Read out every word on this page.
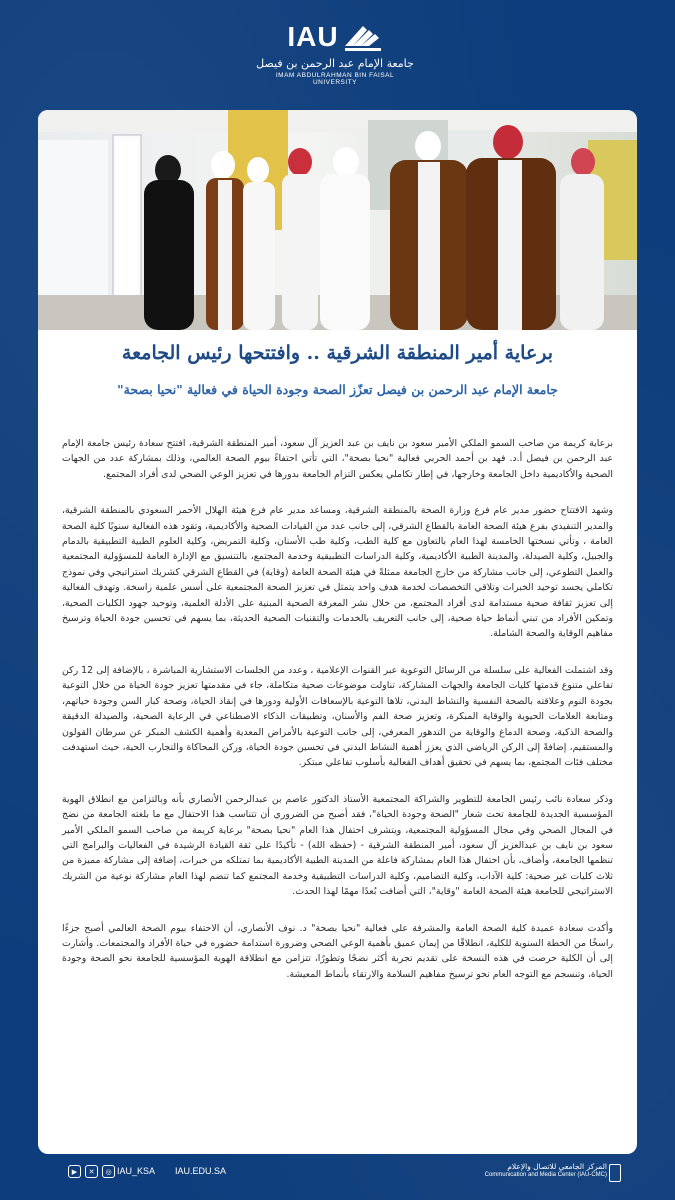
IAU
جامعة الإمام عبد الرحمن بن فيصل
IMAM ABDULRAHMAN BIN FAISAL UNIVERSITY
برعاية أمير المنطقة الشرقية .. وافتتحها رئيس الجامعة
جامعة الإمام عبد الرحمن بن فيصل تعزّز الصحة وجودة الحياة في فعالية "نحيا بصحة"

برعاية كريمة من صاحب السمو الملكي الأمير سعود بن نايف بن عبد العزيز آل سعود، أمير المنطقة الشرقية، افتتح سعادة رئيس جامعة الإمام عبد الرحمن بن فيصل أ.د. فهد بن أحمد الحربي فعالية "نحيا بصحة"، التي تأتي احتفاءً بيوم الصحة العالمي، وذلك بمشاركة عدد من الجهات الصحية والأكاديمية داخل الجامعة وخارجها، في إطار تكاملي يعكس التزام الجامعة بدورها في تعزيز الوعي الصحي لدى أفراد المجتمع.

وشهد الافتتاح حضور مدير عام فرع وزارة الصحة بالمنطقة الشرقية، ومساعد مدير عام فرع هيئة الهلال الأحمر السعودي بالمنطقة الشرقية، والمدير التنفيذي بفرع هيئة الصحة العامة بالقطاع الشرقي، إلى جانب عدد من القيادات الصحية والأكاديمية، وتقود هذه الفعالية سنويًا كلية الصحة العامة ، وتأتي نسختها الخامسة لهذا العام بالتعاون مع كلية الطب، وكلية طب الأسنان، وكلية التمريض، وكلية العلوم الطبية التطبيقية بالدمام والجبيل، وكلية الصيدلة، والمدينة الطبية الأكاديمية، وكلية الدراسات التطبيقية وخدمة المجتمع، بالتنسيق مع الإدارة العامة للمسؤولية المجتمعية والعمل التطوعي، إلى جانب مشاركة من خارج الجامعة ممثلةً في هيئة الصحة العامة (وقاية) في القطاع الشرقي كشريك استراتيجي وفي نموذج تكاملي يجسد توحيد الخبرات وتلاقي التخصصات لخدمة هدف واحد يتمثل في تعزيز الصحة المجتمعية على أسس علمية راسخة. وتهدف الفعالية إلى تعزيز ثقافة صحية مستدامة لدى أفراد المجتمع، من خلال نشر المعرفة الصحية المبنية على الأدلة العلمية، وتوحيد جهود الكليات الصحية، وتمكين الأفراد من تبني أنماط حياة صحية، إلى جانب التعريف بالخدمات والتقنيات الصحية الحديثة، بما يسهم في تحسين جودة الحياة وترسيخ مفاهيم الوقاية والصحة الشاملة.

وقد اشتملت الفعالية على سلسلة من الرسائل التوعوية عبر القنوات الإعلامية ، وعدد من الجلسات الاستشارية المباشرة ، بالإضافة إلى 12 ركن تفاعلي متنوع قدمتها كليات الجامعة والجهات المشاركة، تناولت موضوعات صحية متكاملة، جاء في مقدمتها تعزيز جودة الحياة من خلال التوعية بجودة النوم وعلاقته بالصحة النفسية والنشاط البدني، تلاها التوعية بالإسعافات الأولية ودورها في إنقاذ الحياة، وصحة كبار السن وجودة حياتهم، ومتابعة العلامات الحيوية والوقاية المبكرة، وتعزيز صحة الفم والأسنان، وتطبيقات الذكاء الاصطناعي في الرعاية الصحية، والصيدلة الدقيقة والصحة الذكية، وصحة الدماغ والوقاية من التدهور المعرفي، إلى جانب التوعية بالأمراض المعدية وأهمية الكشف المبكر عن سرطان القولون والمستقيم، إضافةً إلى الركن الرياضي الذي يعزز أهمية النشاط البدني في تحسين جودة الحياة، وركن المحاكاة والتجارب الحية، حيث استهدفت مختلف فئات المجتمع، بما يسهم في تحقيق أهداف الفعالية بأسلوب تفاعلي مبتكر.

وذكر سعادة نائب رئيس الجامعة للتطوير والشراكة المجتمعية الأستاذ الدكتور عاصم بن عبدالرحمن الأنصاري بأنه وبالتزامن مع انطلاق الهوية المؤسسية الجديدة للجامعة تحت شعار "الصحة وجودة الحياة"، فقد أصبح من الضروري أن تتناسب هذا الاحتفال مع ما بلغته الجامعة من نضج في المجال الصحي وفي مجال المسؤولية المجتمعية، ويتشرف احتفال هذا العام "نحيا بصحة" برعاية كريمة من صاحب السمو الملكي الأمير سعود بن نايف بن عبدالعزيز آل سعود، أمير المنطقة الشرقية - (حفظه الله) - تأكيدًا على ثقة القيادة الرشيدة في الفعاليات والبرامج التي تنظمها الجامعة، وأضاف، بأن احتفال هذا العام بمشاركة فاعلة من المدينة الطبية الأكاديمية بما تمتلكه من خبرات، إضافة إلى مشاركة مميزة من ثلاث كليات غير صحية: كلية الآداب، وكلية التصاميم، وكلية الدراسات التطبيقية وخدمة المجتمع كما تنضم لهذا العام مشاركة نوعية من الشريك الاستراتيجي للجامعة هيئة الصحة العامة "وقاية"، التي أضافت بُعدًا مهمًا لهذا الحدث.

وأكدت سعادة عميدة كلية الصحة العامة والمشرفة على فعالية "نحيا بصحة" د. نوف الأنصاري، أن الاحتفاء بيوم الصحة العالمي أصبح جزءًا راسخًا من الخطة السنوية للكلية، انطلاقًا من إيمان عميق بأهمية الوعي الصحي وضرورة استدامة حضوره في حياة الأفراد والمجتمعات. وأشارت إلى أن الكلية حرصت في هذه النسخة على تقديم تجربة أكثر نضجًا وتطورًا، تتزامن مع انطلاقة الهوية المؤسسية للجامعة نحو الصحة وجودة الحياة، وتنسجم مع التوجه العام نحو ترسيخ مفاهيم السلامة والارتقاء بأنماط المعيشة.

▶	✕	◎ IAU_KSA IAU.EDU.SA	المركز الجامعي للاتصال والإعلام
Communication and Media Center (IAU-CMC)
